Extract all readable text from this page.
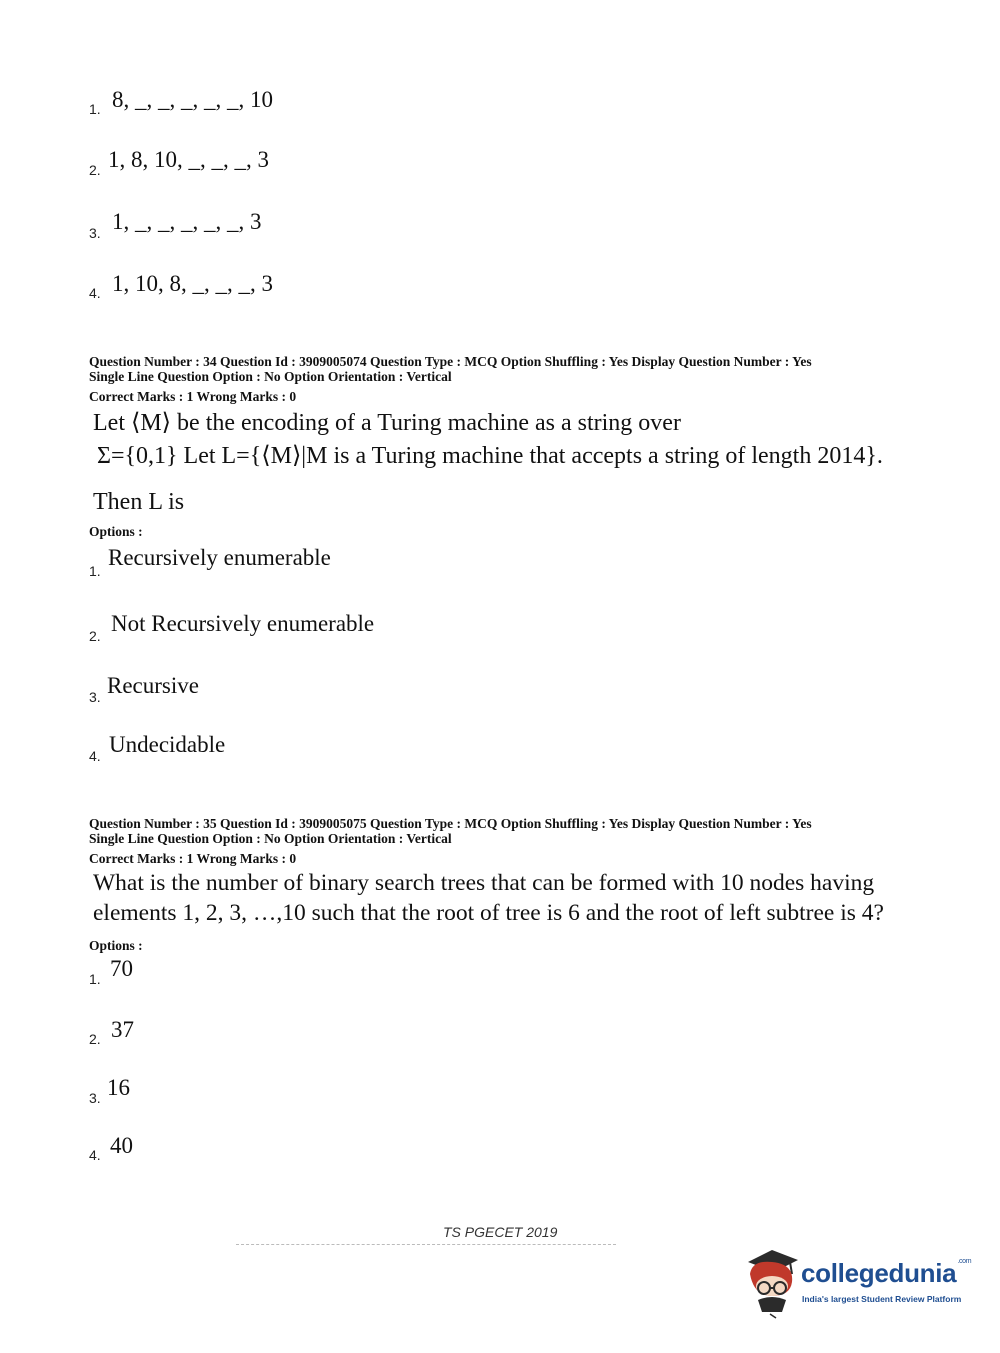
1. 8, _, _, _, _, _, 10
2. 1, 8, 10, _, _, _, 3
3. 1, _, _, _, _, _, 3
4. 1, 10, 8, _, _, _, 3
Question Number : 34 Question Id : 3909005074 Question Type : MCQ Option Shuffling : Yes Display Question Number : Yes
Single Line Question Option : No Option Orientation : Vertical
Correct Marks : 1 Wrong Marks : 0
Let ⟨M⟩ be the encoding of a Turing machine as a string over
Σ={0,1} Let L={⟨M⟩|M is a Turing machine that accepts a string of length 2014}.
Then L is
Options :
1.
Recursively enumerable
2. Not Recursively enumerable
3. Recursive
4. Undecidable
Question Number : 35 Question Id : 3909005075 Question Type : MCQ Option Shuffling : Yes Display Question Number : Yes
Single Line Question Option : No Option Orientation : Vertical
Correct Marks : 1 Wrong Marks : 0
What is the number of binary search trees that can be formed with 10 nodes having
elements 1, 2, 3, …,10 such that the root of tree is 6 and the root of left subtree is 4?
Options :
1. 70
2. 37
3. 16
4. 40
TS PGECET 2019
collegedunia$^{.com}$
India's largest Student Review Platform
